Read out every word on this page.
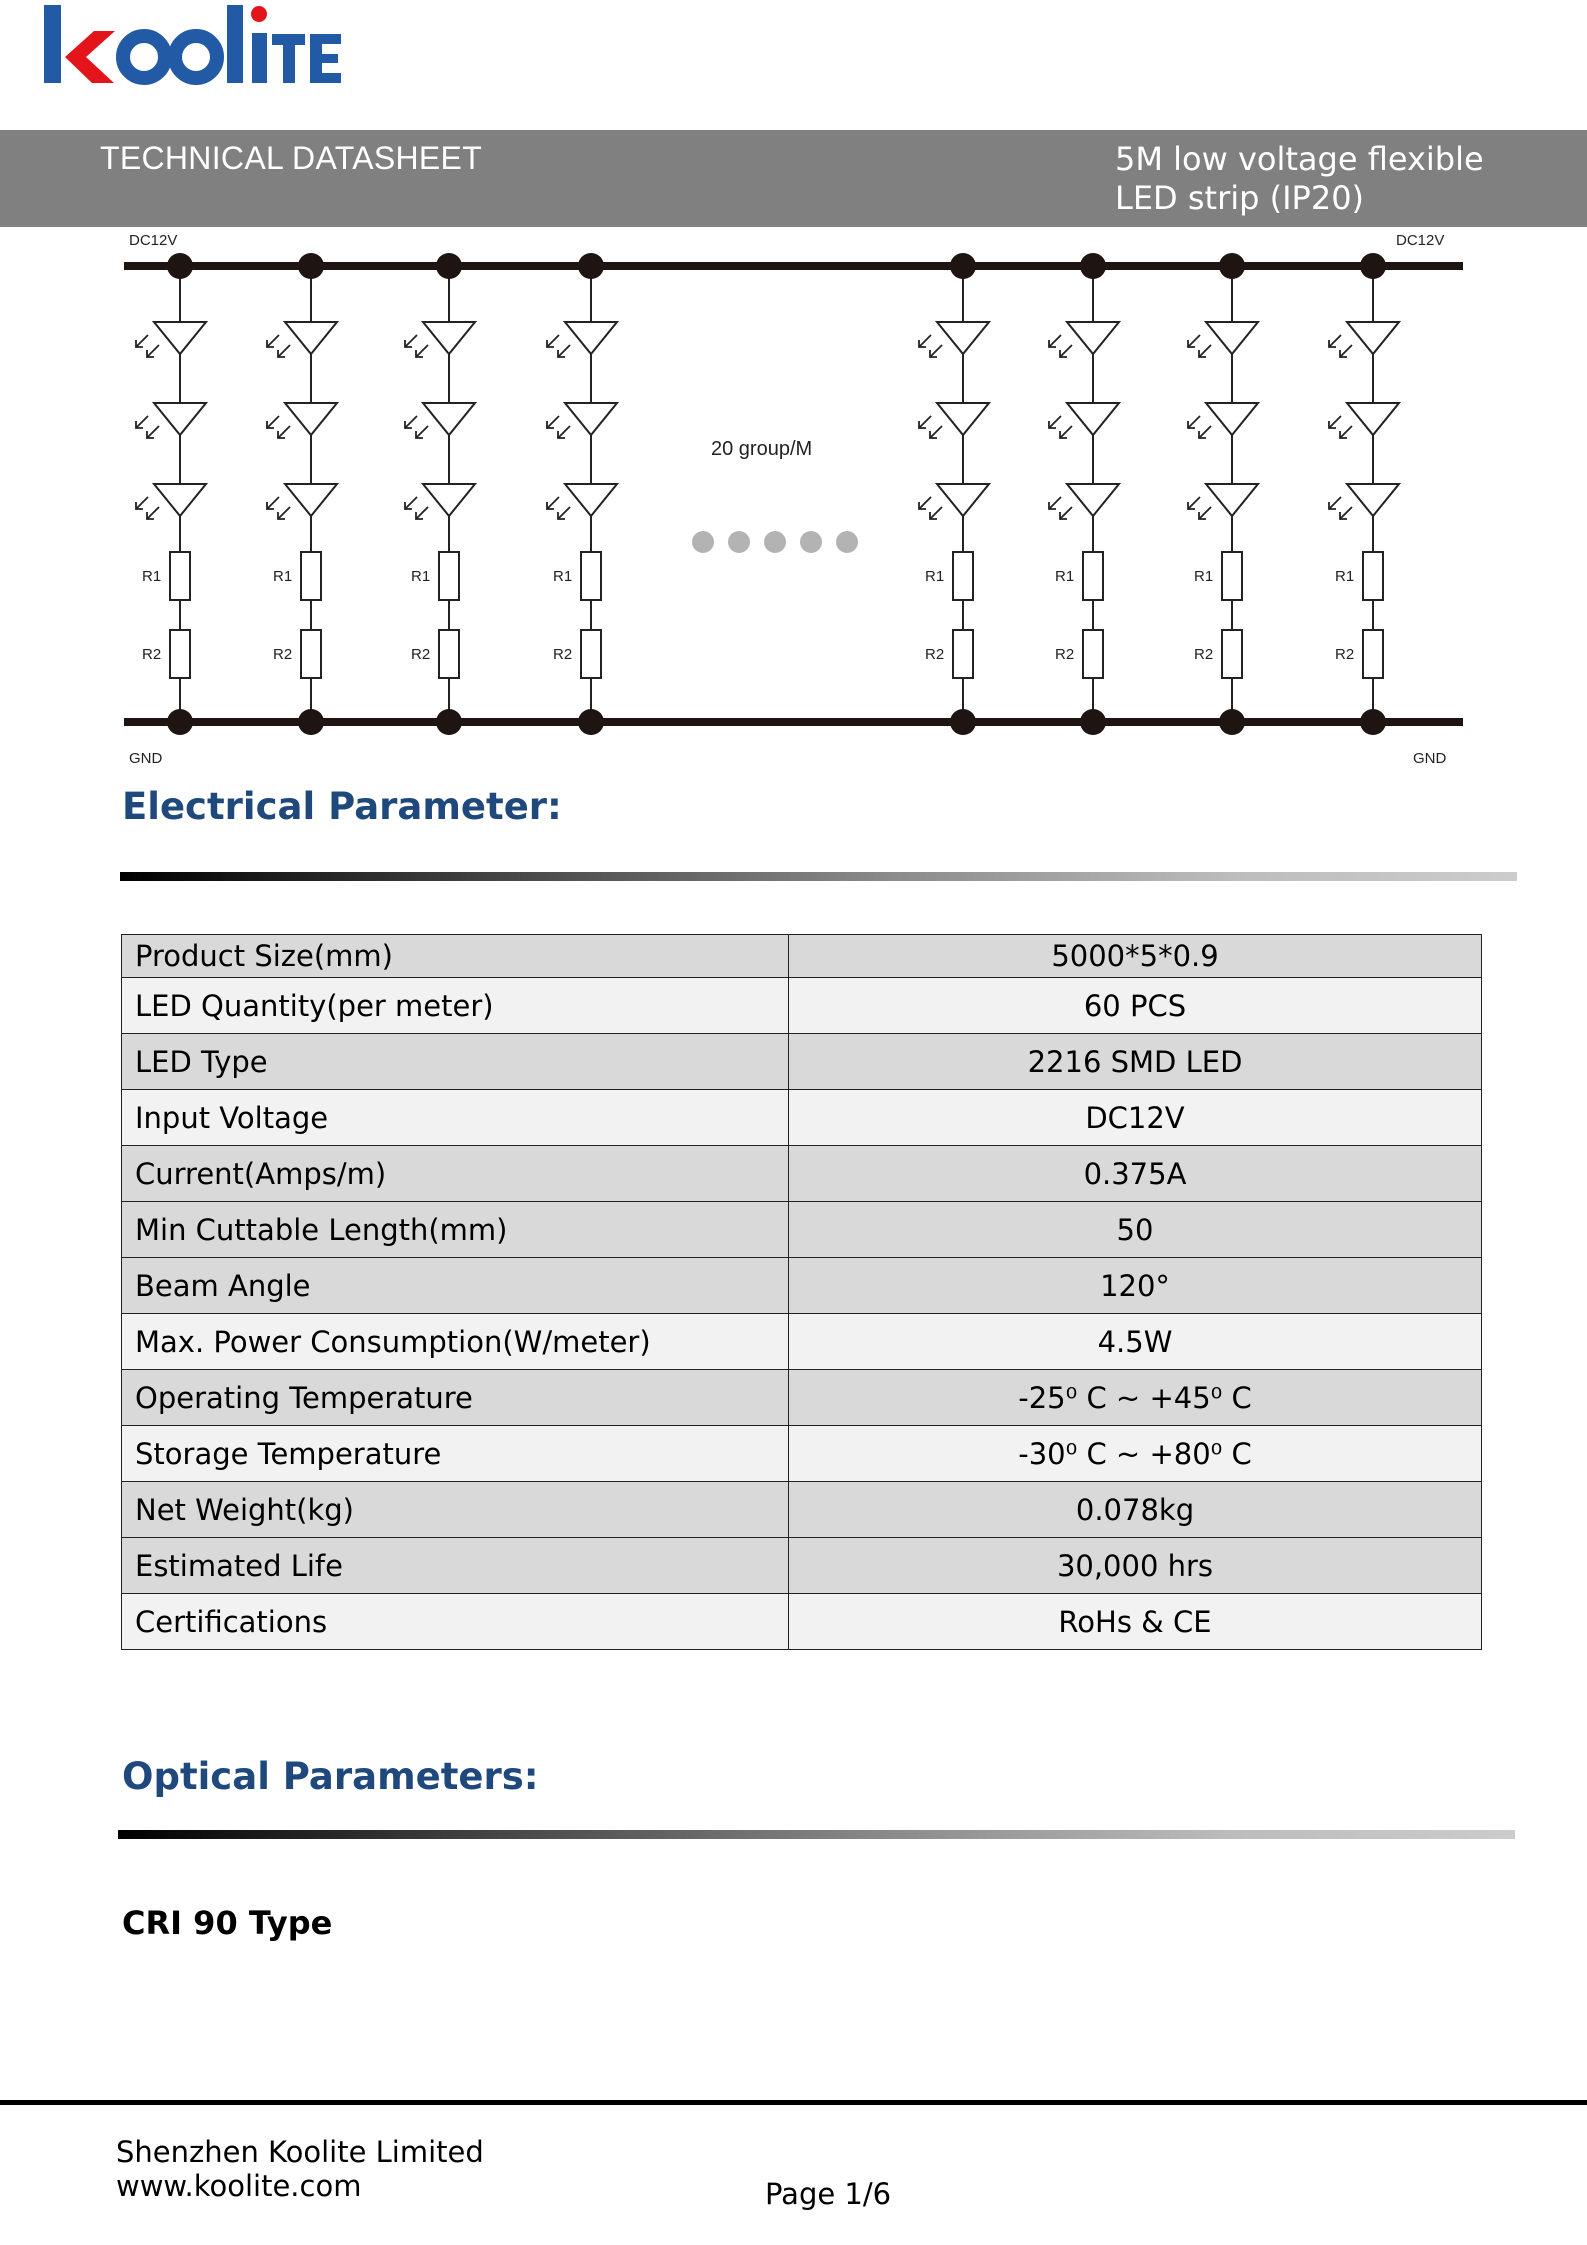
TECHNICAL DATASHEET	5M low voltage flexible
LED strip (IP20)
DC12V	DC12V
GND	GND
20 group/M
R1
R2
R1
R2
R1
R2
R1
R2
R1
R2
R1
R2
R1
R2
R1
R2
Electrical Parameter:
Product Size(mm)	5000*5*0.9
LED Quantity(per meter)	60 PCS
LED Type	2216 SMD LED
Input Voltage	DC12V
Current(Amps/m)	0.375A
Min Cuttable Length(mm)	50
Beam Angle	120°
Max. Power Consumption(W/meter)	4.5W
Operating Temperature	-25⁰ C ~ +45⁰ C
Storage Temperature	-30⁰ C ~ +80⁰ C
Net Weight(kg)	0.078kg
Estimated Life	30,000 hrs
Certifications	RoHs & CE
Optical Parameters:
CRI 90 Type
Shenzhen Koolite Limited
www.koolite.com	Page 1/6
